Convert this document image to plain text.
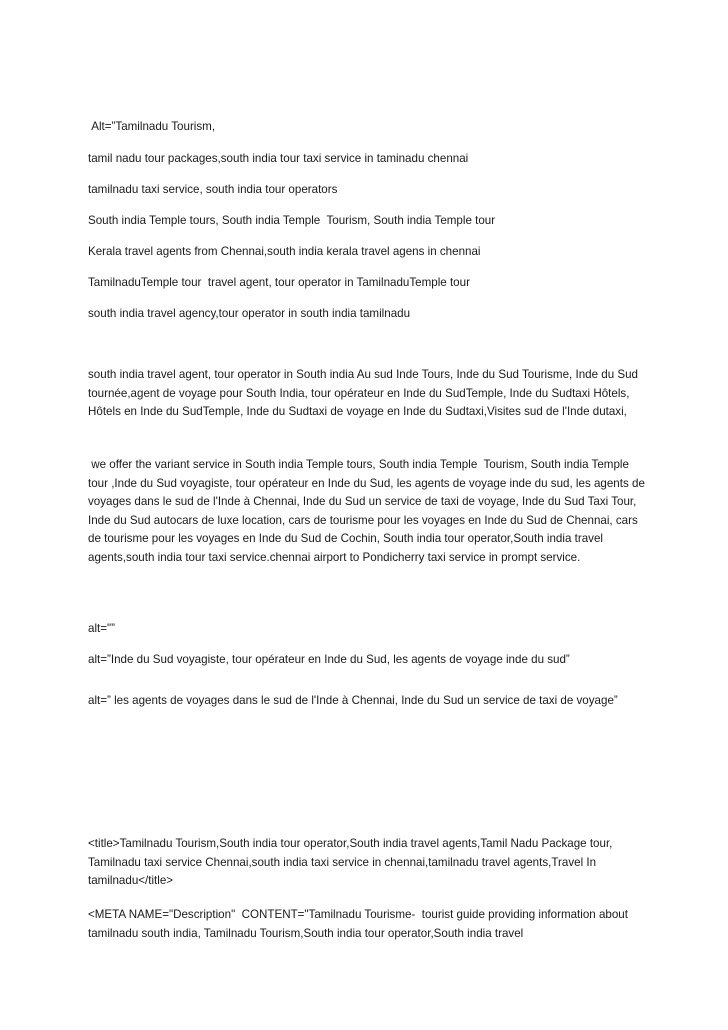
Alt=”Tamilnadu Tourism,

tamil nadu tour packages,south india tour taxi service in taminadu chennai

tamilnadu taxi service, south india tour operators

South india Temple tours, South india Temple  Tourism, South india Temple tour

Kerala travel agents from Chennai,south india kerala travel agens in chennai

TamilnaduTemple tour  travel agent, tour operator in TamilnaduTemple tour

south india travel agency,tour operator in south india tamilnadu

south india travel agent, tour operator in South india Au sud Inde Tours, Inde du Sud Tourisme, Inde du Sud tournée,agent de voyage pour South India, tour opérateur en Inde du SudTemple, Inde du Sudtaxi Hôtels, Hôtels en Inde du SudTemple, Inde du Sudtaxi de voyage en Inde du Sudtaxi,Visites sud de l'Inde dutaxi,

we offer the variant service in South india Temple tours, South india Temple  Tourism, South india Temple tour ,Inde du Sud voyagiste, tour opérateur en Inde du Sud, les agents de voyage inde du sud, les agents de voyages dans le sud de l'Inde à Chennai, Inde du Sud un service de taxi de voyage, Inde du Sud Taxi Tour, Inde du Sud autocars de luxe location, cars de tourisme pour les voyages en Inde du Sud de Chennai, cars de tourisme pour les voyages en Inde du Sud de Cochin, South india tour operator,South india travel agents,south india tour taxi service.chennai airport to Pondicherry taxi service in prompt service.

alt="”

alt=”Inde du Sud voyagiste, tour opérateur en Inde du Sud, les agents de voyage inde du sud”

alt=” les agents de voyages dans le sud de l'Inde à Chennai, Inde du Sud un service de taxi de voyage”

<title>Tamilnadu Tourism,South india tour operator,South india travel agents,Tamil Nadu Package tour, Tamilnadu taxi service Chennai,south india taxi service in chennai,tamilnadu travel agents,Travel In tamilnadu</title>

<META NAME="Description"  CONTENT="Tamilnadu Tourisme-  tourist guide providing information about tamilnadu south india, Tamilnadu Tourism,South india tour operator,South india travel
